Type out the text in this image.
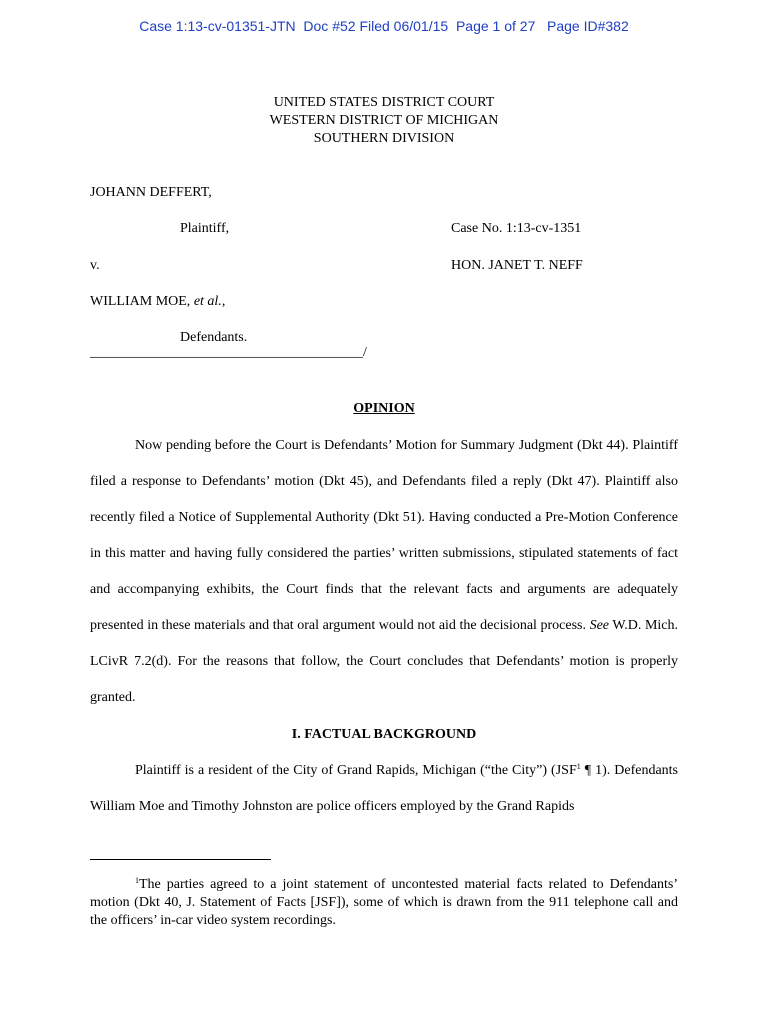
Case 1:13-cv-01351-JTN  Doc #52 Filed 06/01/15  Page 1 of 27   Page ID#382
UNITED STATES DISTRICT COURT
WESTERN DISTRICT OF MICHIGAN
SOUTHERN DIVISION
JOHANN DEFFERT,
Plaintiff,	Case No. 1:13-cv-1351
v.	HON. JANET T. NEFF
WILLIAM MOE, et al.,
Defendants.
_______________________________________/
OPINION
Now pending before the Court is Defendants’ Motion for Summary Judgment (Dkt 44). Plaintiff filed a response to Defendants’ motion (Dkt 45), and Defendants filed a reply (Dkt 47). Plaintiff also recently filed a Notice of Supplemental Authority (Dkt 51). Having conducted a Pre-Motion Conference in this matter and having fully considered the parties’ written submissions, stipulated statements of fact and accompanying exhibits, the Court finds that the relevant facts and arguments are adequately presented in these materials and that oral argument would not aid the decisional process. See W.D. Mich. LCivR 7.2(d). For the reasons that follow, the Court concludes that Defendants’ motion is properly granted.
I. FACTUAL BACKGROUND
Plaintiff is a resident of the City of Grand Rapids, Michigan (“the City”) (JSF$^1$ ¶ 1). Defendants William Moe and Timothy Johnston are police officers employed by the Grand Rapids
$^1$The parties agreed to a joint statement of uncontested material facts related to Defendants’ motion (Dkt 40, J. Statement of Facts [JSF]), some of which is drawn from the 911 telephone call and the officers’ in-car video system recordings.
